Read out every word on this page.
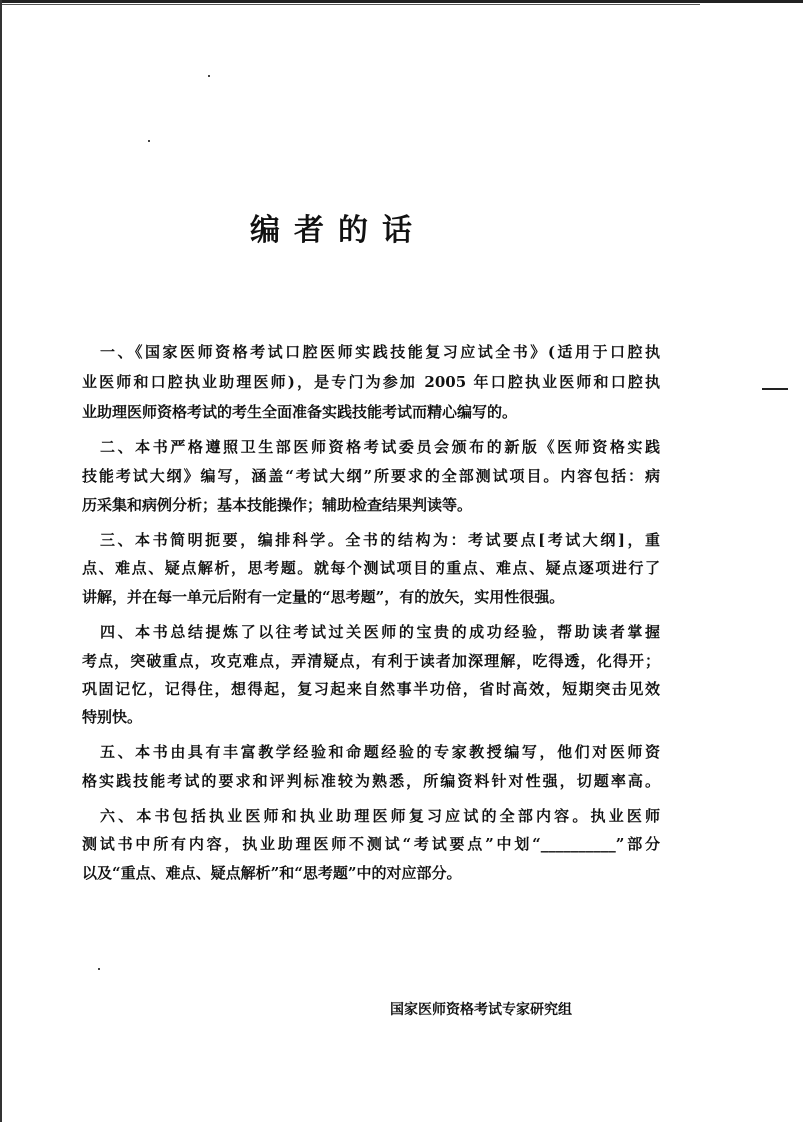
编者的话
一、《国家医师资格考试口腔医师实践技能复习应试全书》(适用于口腔执
业医师和口腔执业助理医师)，是专门为参加 2005 年口腔执业医师和口腔执
业助理医师资格考试的考生全面准备实践技能考试而精心编写的。
二、本书严格遵照卫生部医师资格考试委员会颁布的新版《医师资格实践
技能考试大纲》编写，涵盖“考试大纲”所要求的全部测试项目。内容包括：病
历采集和病例分析；基本技能操作；辅助检查结果判读等。
三、本书简明扼要，编排科学。全书的结构为：考试要点[考试大纲]，重
点、难点、疑点解析，思考题。就每个测试项目的重点、难点、疑点逐项进行了
讲解，并在每一单元后附有一定量的“思考题”，有的放矢，实用性很强。
四、本书总结提炼了以往考试过关医师的宝贵的成功经验，帮助读者掌握
考点，突破重点，攻克难点，弄清疑点，有利于读者加深理解，吃得透，化得开；
巩固记忆，记得住，想得起，复习起来自然事半功倍，省时高效，短期突击见效
特别快。
五、本书由具有丰富教学经验和命题经验的专家教授编写，他们对医师资
格实践技能考试的要求和评判标准较为熟悉，所编资料针对性强，切题率高。
六、本书包括执业医师和执业助理医师复习应试的全部内容。执业医师
测试书中所有内容，执业助理医师不测试“考试要点”中划“__________”部分
以及“重点、难点、疑点解析”和“思考题”中的对应部分。
国家医师资格考试专家研究组
